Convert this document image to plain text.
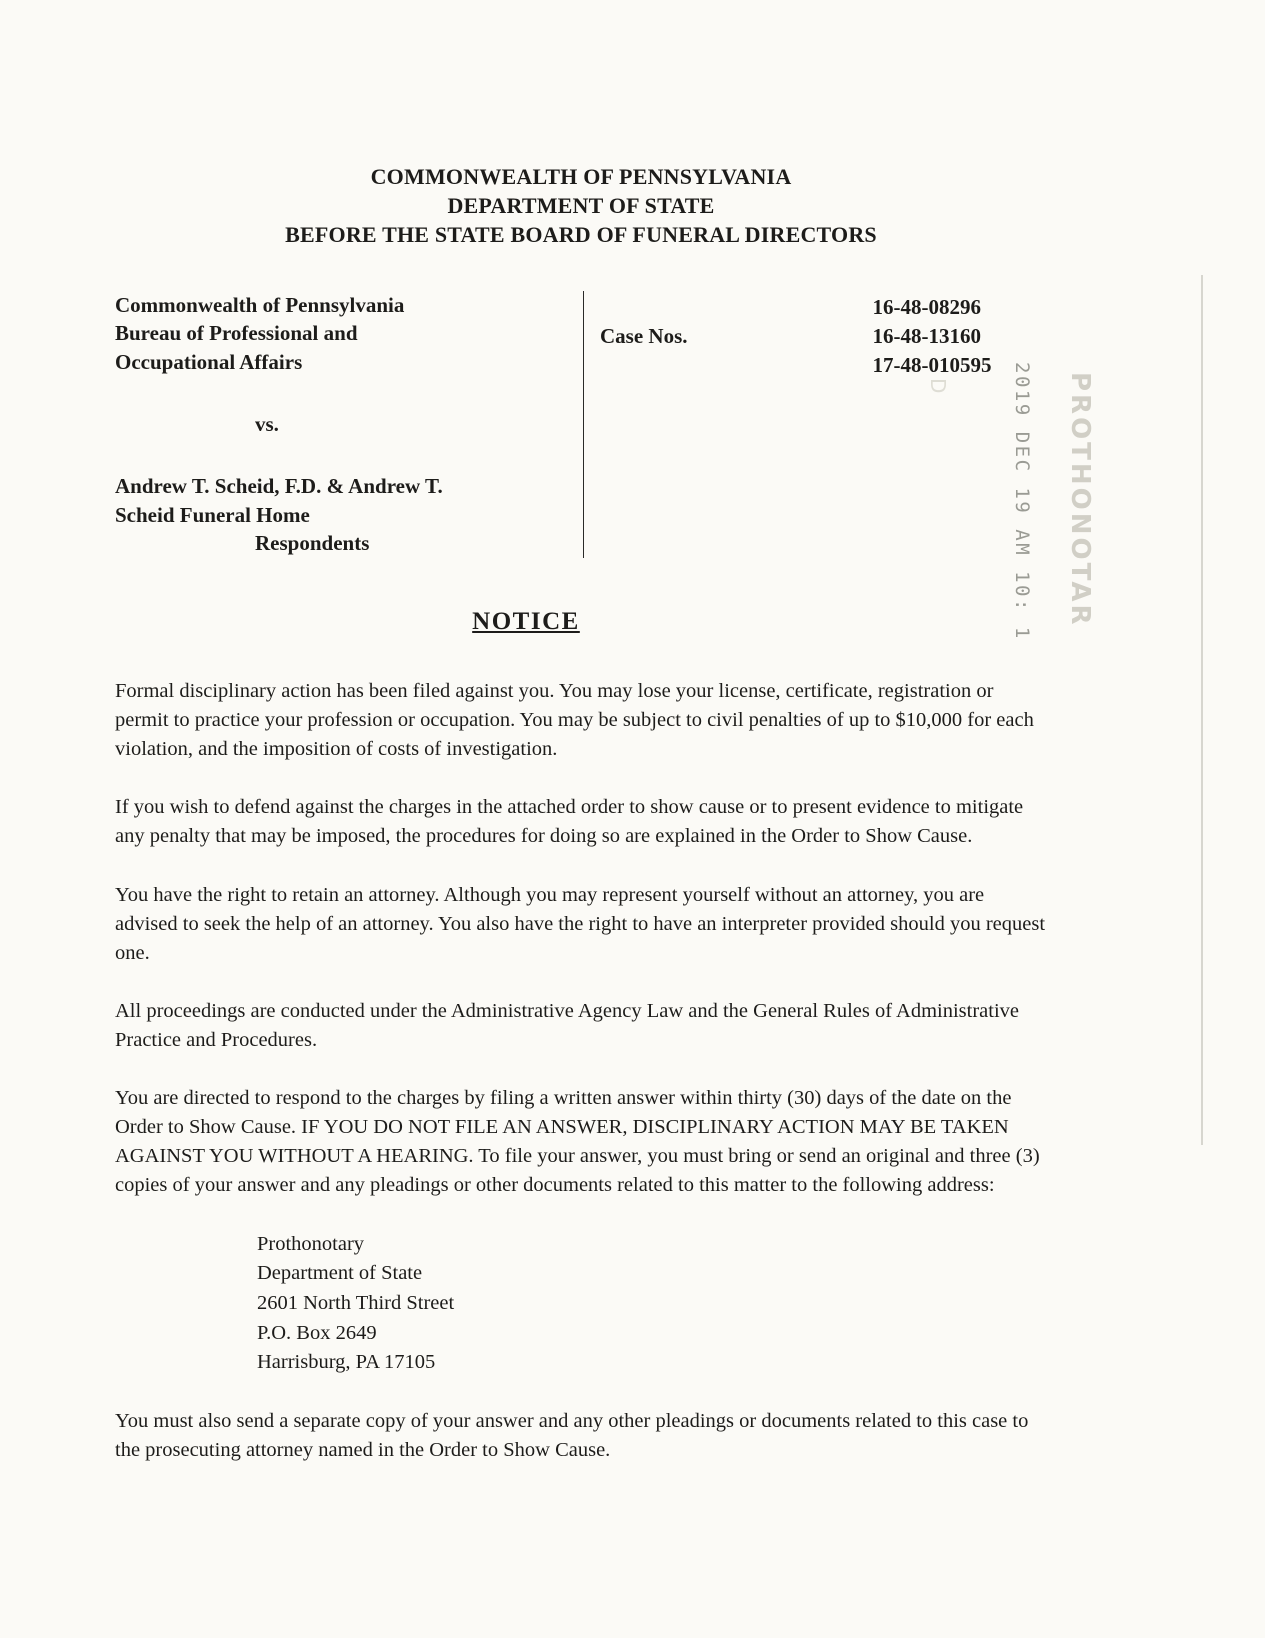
D	2019 DEC 19 AM 10: 1 PROTHONOTAR
COMMONWEALTH OF PENNSYLVANIA
DEPARTMENT OF STATE
BEFORE THE STATE BOARD OF FUNERAL DIRECTORS
Commonwealth of Pennsylvania
Bureau of Professional and
Occupational Affairs
vs.
Andrew T. Scheid, F.D. & Andrew T.
Scheid Funeral Home
Respondents
Case Nos.
16-48-08296
16-48-13160
17-48-010595
NOTICE

Formal disciplinary action has been filed against you. You may lose your license, certificate, registration or permit to practice your profession or occupation. You may be subject to civil penalties of up to $10,000 for each violation, and the imposition of costs of investigation.

If you wish to defend against the charges in the attached order to show cause or to present evidence to mitigate any penalty that may be imposed, the procedures for doing so are explained in the Order to Show Cause.

You have the right to retain an attorney. Although you may represent yourself without an attorney, you are advised to seek the help of an attorney. You also have the right to have an interpreter provided should you request one.

All proceedings are conducted under the Administrative Agency Law and the General Rules of Administrative Practice and Procedures.

You are directed to respond to the charges by filing a written answer within thirty (30) days of the date on the Order to Show Cause. IF YOU DO NOT FILE AN ANSWER, DISCIPLINARY ACTION MAY BE TAKEN AGAINST YOU WITHOUT A HEARING. To file your answer, you must bring or send an original and three (3) copies of your answer and any pleadings or other documents related to this matter to the following address:

Prothonotary
Department of State
2601 North Third Street
P.O. Box 2649
Harrisburg, PA 17105

You must also send a separate copy of your answer and any other pleadings or documents related to this case to the prosecuting attorney named in the Order to Show Cause.
